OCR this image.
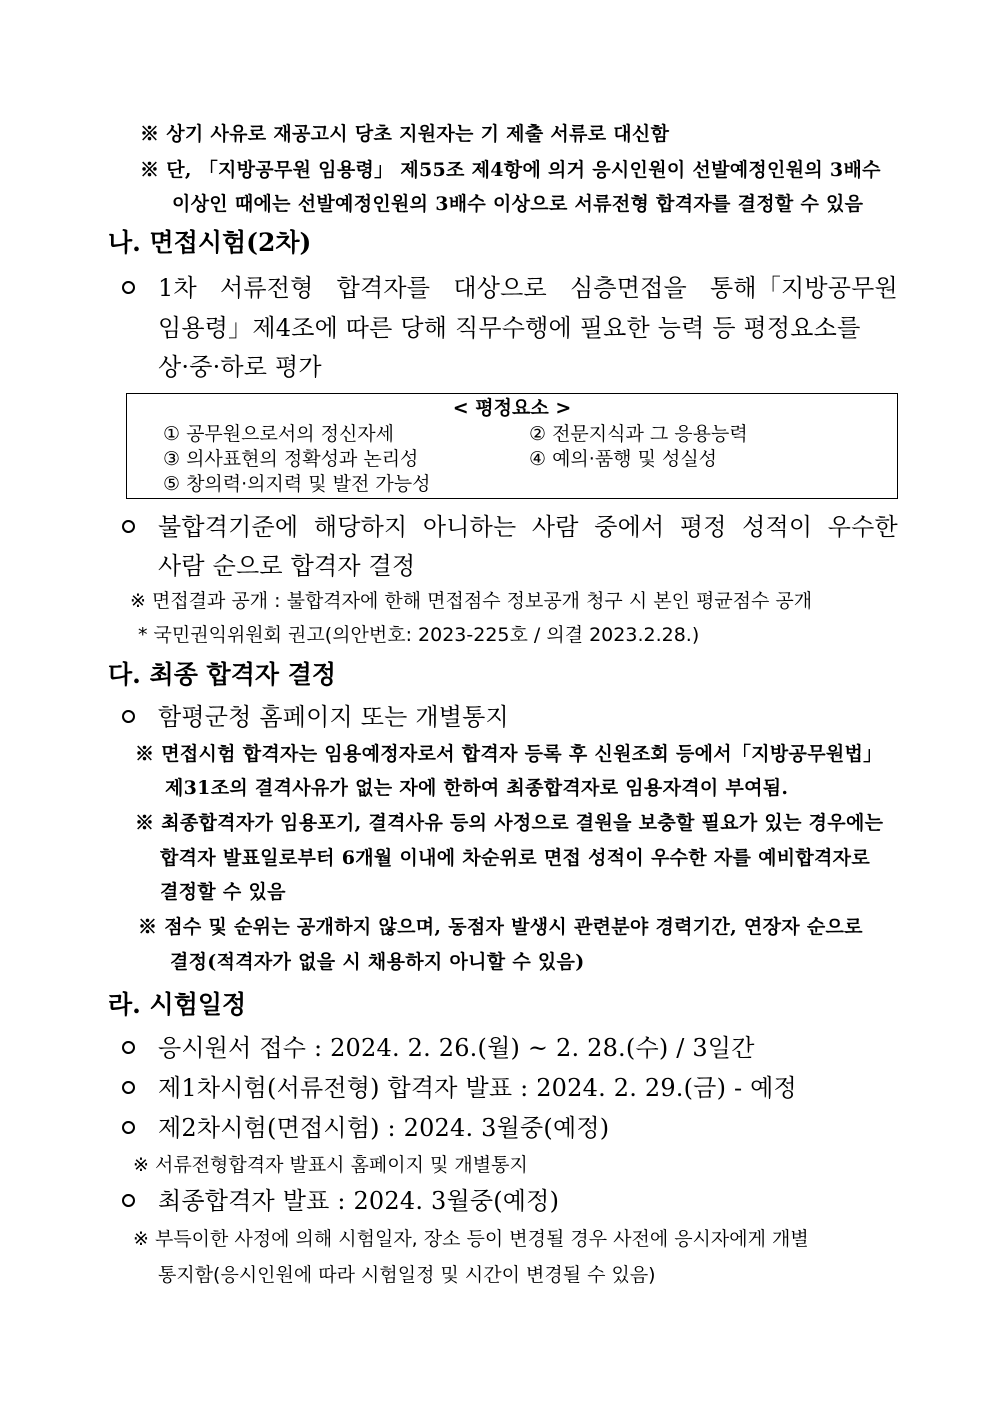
※ 상기 사유로 재공고시 당초 지원자는 기 제출 서류로 대신함
※ 단, 「지방공무원 임용령」 제55조 제4항에 의거 응시인원이 선발예정인원의 3배수
이상인 때에는 선발예정인원의 3배수 이상으로 서류전형 합격자를 결정할 수 있음
나. 면접시험(2차)
1차 서류전형 합격자를 대상으로 심층면접을 통해「지방공무원
임용령」제4조에 따른 당해 직무수행에 필요한 능력 등 평정요소를
상·중·하로 평가
< 평정요소 >
① 공무원으로서의 정신자세	② 전문지식과 그 응용능력
③ 의사표현의 정확성과 논리성	④ 예의·품행 및 성실성
⑤ 창의력·의지력 및 발전 가능성
불합격기준에 해당하지 아니하는 사람 중에서 평정 성적이 우수한
사람 순으로 합격자 결정
※ 면접결과 공개 : 불합격자에 한해 면접점수 정보공개 청구 시 본인 평균점수 공개
* 국민권익위원회 권고(의안번호: 2023-225호 / 의결 2023.2.28.)
다. 최종 합격자 결정
함평군청 홈페이지 또는 개별통지
※ 면접시험 합격자는 임용예정자로서 합격자 등록 후 신원조회 등에서「지방공무원법」
제31조의 결격사유가 없는 자에 한하여 최종합격자로 임용자격이 부여됨.
※ 최종합격자가 임용포기, 결격사유 등의 사정으로 결원을 보충할 필요가 있는 경우에는
합격자 발표일로부터 6개월 이내에 차순위로 면접 성적이 우수한 자를 예비합격자로
결정할 수 있음
※ 점수 및 순위는 공개하지 않으며, 동점자 발생시 관련분야 경력기간, 연장자 순으로
결정(적격자가 없을 시 채용하지 아니할 수 있음)
라. 시험일정
응시원서 접수 : 2024. 2. 26.(월) ~ 2. 28.(수) / 3일간
제1차시험(서류전형) 합격자 발표 : 2024. 2. 29.(금) - 예정
제2차시험(면접시험) : 2024. 3월중(예정)
※ 서류전형합격자 발표시 홈페이지 및 개별통지
최종합격자 발표 : 2024. 3월중(예정)
※ 부득이한 사정에 의해 시험일자, 장소 등이 변경될 경우 사전에 응시자에게 개별
통지함(응시인원에 따라 시험일정 및 시간이 변경될 수 있음)
